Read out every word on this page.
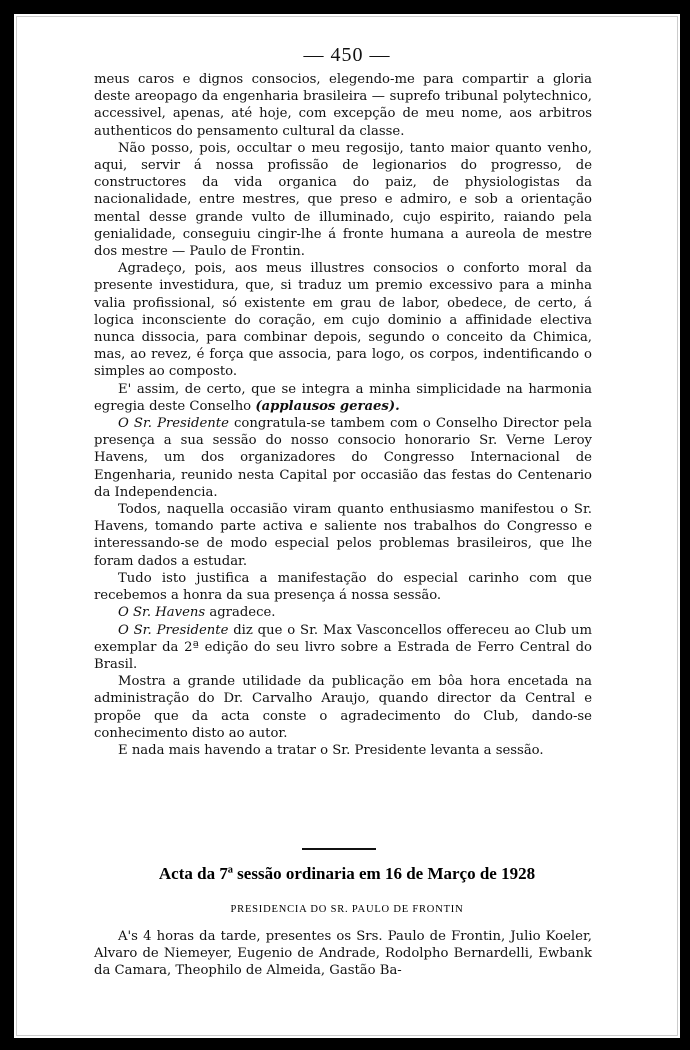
— 450 —

meus caros e dignos consocios, elegendo-me para compartir a gloria deste areopago da engenharia brasileira — suprefo tribunal polytechnico, accessivel, apenas, até hoje, com excepção de meu nome, aos arbitros authenticos do pensamento cultural da classe.

Não posso, pois, occultar o meu regosijo, tanto maior quanto venho, aqui, servir á nossa profissão de legionarios do progresso, de constructores da vida organica do paiz, de physiologistas da nacionalidade, entre mestres, que preso e admiro, e sob a orientação mental desse grande vulto de illuminado, cujo espirito, raiando pela genialidade, conseguiu cingir-lhe á fronte humana a aureola de mestre dos mestre — Paulo de Frontin.

Agradeço, pois, aos meus illustres consocios o conforto moral da presente investidura, que, si traduz um premio excessivo para a minha valia profissional, só existente em grau de labor, obedece, de certo, á logica inconsciente do coração, em cujo dominio a affinidade electiva nunca dissocia, para combinar depois, segundo o conceito da Chimica, mas, ao revez, é força que associa, para logo, os corpos, indentificando o simples ao composto.

E' assim, de certo, que se integra a minha simplicidade na harmonia egregia deste Conselho (applausos geraes).

O Sr. Presidente congratula-se tambem com o Conselho Director pela presença a sua sessão do nosso consocio honorario Sr. Verne Leroy Havens, um dos organizadores do Congresso Internacional de Engenharia, reunido nesta Capital por occasião das festas do Centenario da Independencia.

Todos, naquella occasião viram quanto enthusiasmo manifestou o Sr. Havens, tomando parte activa e saliente nos trabalhos do Congresso e interessando-se de modo especial pelos problemas brasileiros, que lhe foram dados a estudar.

Tudo isto justifica a manifestação do especial carinho com que recebemos a honra da sua presença á nossa sessão.

O Sr. Havens agradece.

O Sr. Presidente diz que o Sr. Max Vasconcellos offereceu ao Club um exemplar da 2ª edição do seu livro sobre a Estrada de Ferro Central do Brasil.

Mostra a grande utilidade da publicação em bôa hora encetada na administração do Dr. Carvalho Araujo, quando director da Central e propõe que da acta conste o agradecimento do Club, dando-se conhecimento disto ao autor.

E nada mais havendo a tratar o Sr. Presidente levanta a sessão.

Acta da 7ª sessão ordinaria em 16 de Março de 1928
PRESIDENCIA DO SR. PAULO DE FRONTIN

A's 4 horas da tarde, presentes os Srs. Paulo de Frontin, Julio Koeler, Alvaro de Niemeyer, Eugenio de Andrade, Rodolpho Bernardelli, Ewbank da Camara, Theophilo de Almeida, Gastão Ba-
